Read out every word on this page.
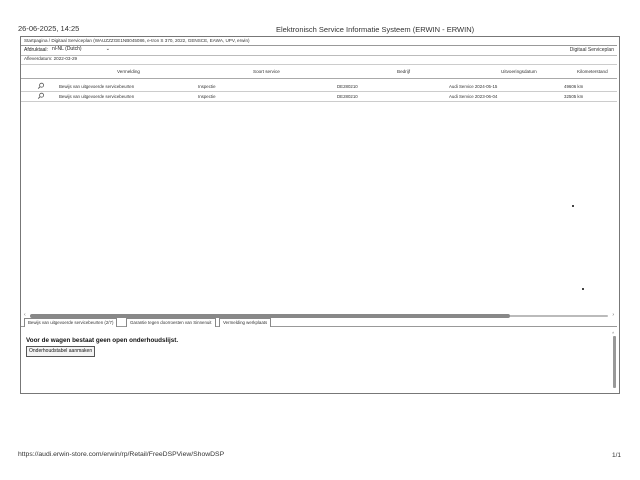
26-06-2025, 14:25	Elektronisch Service Informatie Systeem (ERWIN - ERWIN)
Startpagina / Digitaal Serviceplan (WAUZZZGE1NB045086, e-tron S 370, 2022, GENSCE, EAWA, UPV, erwin)
Afdruktaal: nl-NL (Dutch)	⌄	Digitaal Serviceplan
Afleverdatum: 2022-03-29
Vermelding	Soort service	Bedrijf	Uitvoeringsdatum	Kilometerstand
Bewijs van uitgevoerde servicebeurten	Inspectie	DE280210	Audi Service 2024-05-15	49606 km
Bewijs van uitgevoerde servicebeurten	Inspectie	DE280210	Audi Service 2023-06-04	32505 km
‹	›
Bewijs van uitgevoerde servicebeurten (2/7)	Garantie tegen doorroesten van Sinnenuit	Vermelding werkplaats
Voor de wagen bestaat geen open onderhoudslijst.
Onderhoudstabel aanmaken
˄
https://audi.erwin-store.com/erwin/rp/Retail/FreeDSPView/ShowDSP	1/1
